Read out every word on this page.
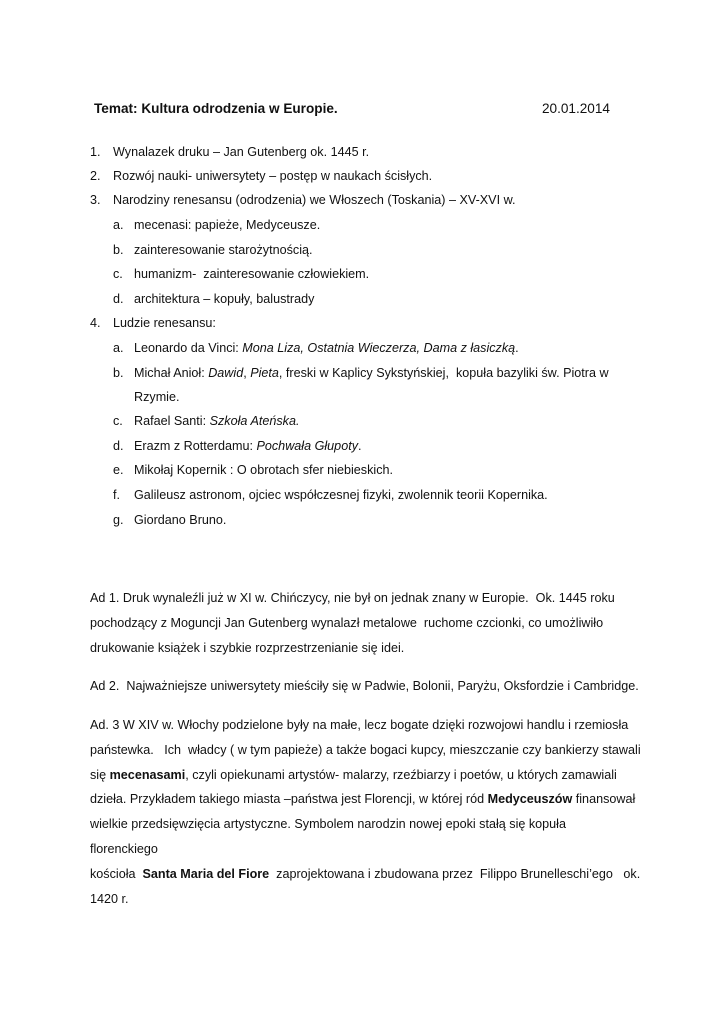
Temat: Kultura odrodzenia w Europie.	20.01.2014
1. Wynalazek druku – Jan Gutenberg ok. 1445 r.
2. Rozwój nauki- uniwersytety – postęp w naukach ścisłych.
3. Narodziny renesansu (odrodzenia) we Włoszech (Toskania) – XV-XVI w.
a. mecenasi: papieże, Medyceusze.
b. zainteresowanie starożytnością.
c. humanizm-  zainteresowanie człowiekiem.
d. architektura – kopuły, balustrady
4. Ludzie renesansu:
a. Leonardo da Vinci: Mona Liza, Ostatnia Wieczerza, Dama z łasiczką.
b. Michał Anioł: Dawid, Pieta, freski w Kaplicy Sykstyńskiej,  kopuła bazyliki św. Piotra w
Rzymie.
c. Rafael Santi: Szkoła Ateńska.
d. Erazm z Rotterdamu: Pochwała Głupoty.
e. Mikołaj Kopernik : O obrotach sfer niebieskich.
f. Galileusz astronom, ojciec współczesnej fizyki, zwolennik teorii Kopernika.
g. Giordano Bruno.

Ad 1. Druk wynaleźli już w XI w. Chińczycy, nie był on jednak znany w Europie.  Ok. 1445 roku

pochodzący z Moguncji Jan Gutenberg wynalazł metalowe  ruchome czcionki, co umożliwiło

drukowanie książek i szybkie rozprzestrzenianie się idei.

Ad 2.  Najważniejsze uniwersytety mieściły się w Padwie, Bolonii, Paryżu, Oksfordzie i Cambridge.

Ad. 3 W XIV w. Włochy podzielone były na małe, lecz bogate dzięki rozwojowi handlu i rzemiosła

państewka.   Ich  władcy ( w tym papieże) a także bogaci kupcy, mieszczanie czy bankierzy stawali

się mecenasami, czyli opiekunami artystów- malarzy, rzeźbiarzy i poetów, u których zamawiali

dzieła. Przykładem takiego miasta –państwa jest Florencji, w której ród Medyceuszów finansował

wielkie przedsięwzięcia artystyczne. Symbolem narodzin nowej epoki stałą się kopuła florenckiego

kościoła  Santa Maria del Fiore  zaprojektowana i zbudowana przez  Filippo Brunelleschi’ego   ok.

1420 r.
